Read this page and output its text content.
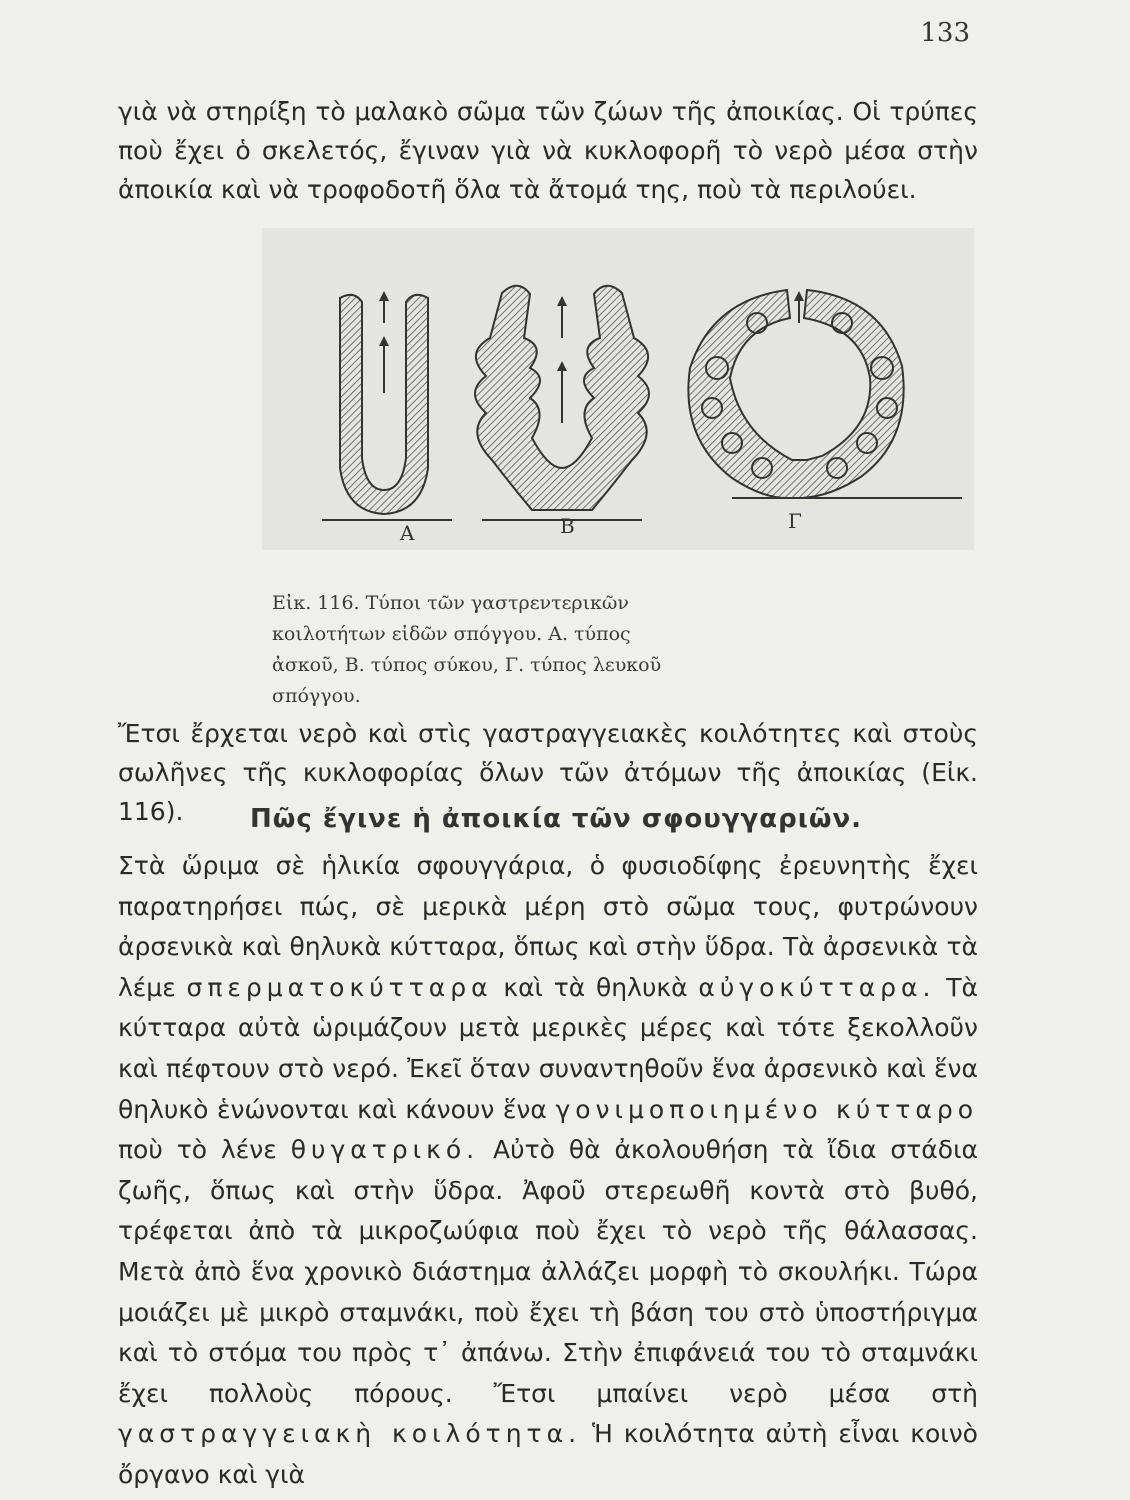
133

γιὰ νὰ στηρίξη τὸ μαλακὸ σῶμα τῶν ζώων τῆς ἀποικίας. Οἱ τρύπες ποὺ ἔχει ὁ σκελετός, ἔγιναν γιὰ νὰ κυκλοφορῆ τὸ νερὸ μέσα στὴν ἀποικία καὶ νὰ τροφοδοτῆ ὅλα τὰ ἄτομά της, ποὺ τὰ περιλούει.

Α	Β	Γ

Εἰκ. 116. Τύποι τῶν γαστρεντερικῶν κοιλοτήτων εἰδῶν σπόγγου. Α. τύπος ἀσκοῦ, Β. τύπος σύκου, Γ. τύπος λευκοῦ σπόγγου.

Ἔτσι ἔρχεται νερὸ καὶ στὶς γαστραγγειακὲς κοιλότητες καὶ στοὺς σωλῆνες τῆς κυκλοφορίας ὅλων τῶν ἀτόμων τῆς ἀποικίας (Εἰκ. 116).	Πῶς ἔγινε ἡ ἀποικία τῶν σφουγγαριῶν.

Στὰ ὥριμα σὲ ἡλικία σφουγγάρια, ὁ φυσιοδίφης ἐρευνητὴς ἔχει παρατηρήσει πώς, σὲ μερικὰ μέρη στὸ σῶμα τους, φυτρώνουν ἀρσενικὰ καὶ θηλυκὰ κύτταρα, ὅπως καὶ στὴν ὕδρα. Τὰ ἀρσενικὰ τὰ λέμε σπερματοκύτταρα καὶ τὰ θηλυκὰ αὐγοκύτταρα. Τὰ κύτταρα αὐτὰ ὡριμάζουν μετὰ μερικὲς μέρες καὶ τότε ξεκολλοῦν καὶ πέφτουν στὸ νερό. Ἐκεῖ ὅταν συναντηθοῦν ἕνα ἀρσενικὸ καὶ ἕνα θηλυκὸ ἑνώνονται καὶ κάνουν ἕνα γονιμοποιημένο κύτταρο ποὺ τὸ λένε θυγατρικό. Αὐτὸ θὰ ἀκολουθήση τὰ ἴδια στάδια ζωῆς, ὅπως καὶ στὴν ὕδρα. Ἀφοῦ στερεωθῆ κοντὰ στὸ βυθό, τρέφεται ἀπὸ τὰ μικροζωύφια ποὺ ἔχει τὸ νερὸ τῆς θάλασσας. Μετὰ ἀπὸ ἕνα χρονικὸ διάστημα ἀλλάζει μορφὴ τὸ σκουλήκι. Τώρα μοιάζει μὲ μικρὸ σταμνάκι, ποὺ ἔχει τὴ βάση του στὸ ὑποστήριγμα καὶ τὸ στόμα του πρὸς τ᾽ ἀπάνω. Στὴν ἐπιφάνειά του τὸ σταμνάκι ἔχει πολλοὺς πόρους. Ἔτσι μπαίνει νερὸ μέσα στὴ γαστραγγειακὴ κοιλότητα. Ἡ κοιλότητα αὐτὴ εἶναι κοινὸ ὄργανο καὶ γιὰ
